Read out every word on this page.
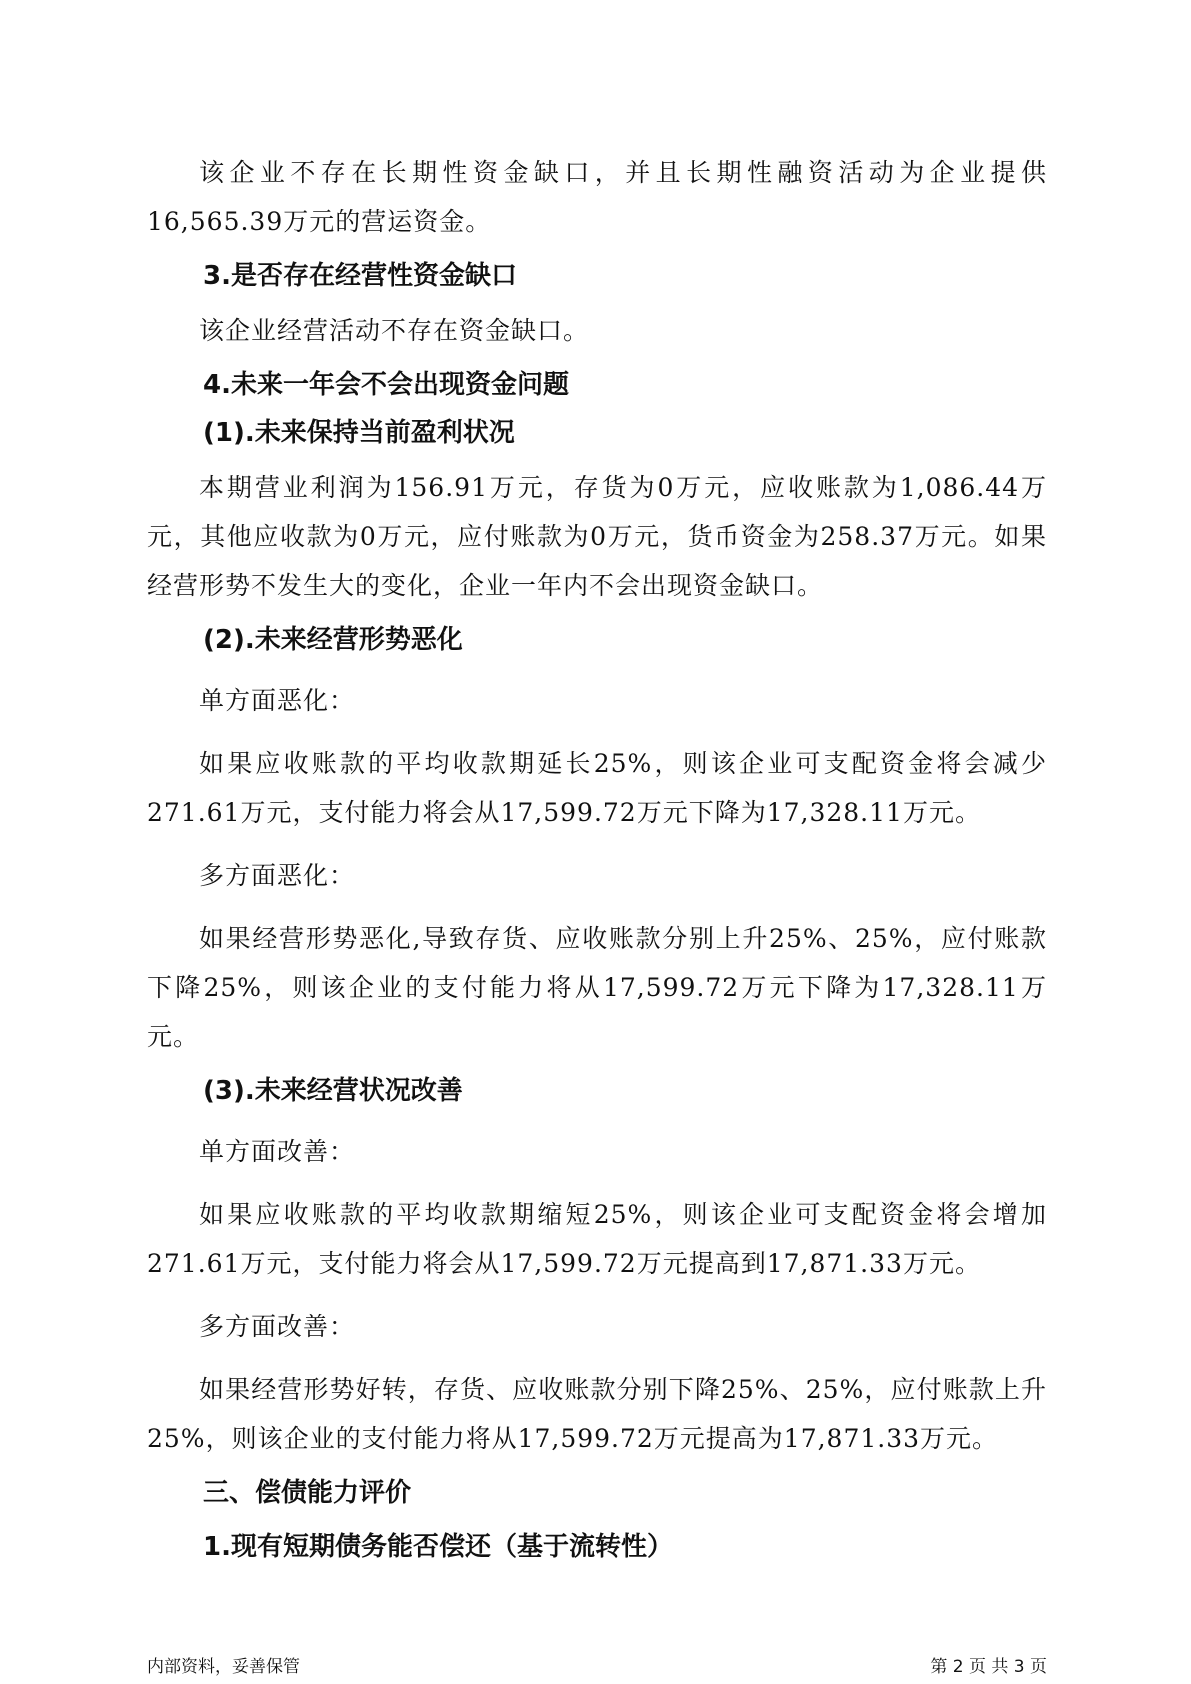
该企业不存在长期性资金缺口，并且长期性融资活动为企业提供16,565.39万元的营运资金。

3.是否存在经营性资金缺口

该企业经营活动不存在资金缺口。

4.未来一年会不会出现资金问题
(1).未来保持当前盈利状况

本期营业利润为156.91万元，存货为0万元，应收账款为1,086.44万元，其他应收款为0万元，应付账款为0万元，货币资金为258.37万元。如果经营形势不发生大的变化，企业一年内不会出现资金缺口。

(2).未来经营形势恶化

单方面恶化：

如果应收账款的平均收款期延长25%，则该企业可支配资金将会减少271.61万元，支付能力将会从17,599.72万元下降为17,328.11万元。

多方面恶化：

如果经营形势恶化,导致存货、应收账款分别上升25%、25%，应付账款下降25%，则该企业的支付能力将从17,599.72万元下降为17,328.11万元。

(3).未来经营状况改善

单方面改善：

如果应收账款的平均收款期缩短25%，则该企业可支配资金将会增加271.61万元，支付能力将会从17,599.72万元提高到17,871.33万元。

多方面改善：

如果经营形势好转，存货、应收账款分别下降25%、25%，应付账款上升25%，则该企业的支付能力将从17,599.72万元提高为17,871.33万元。

三、偿债能力评价
1.现有短期债务能否偿还（基于流转性）
内部资料，妥善保管	第 2 页 共 3 页
